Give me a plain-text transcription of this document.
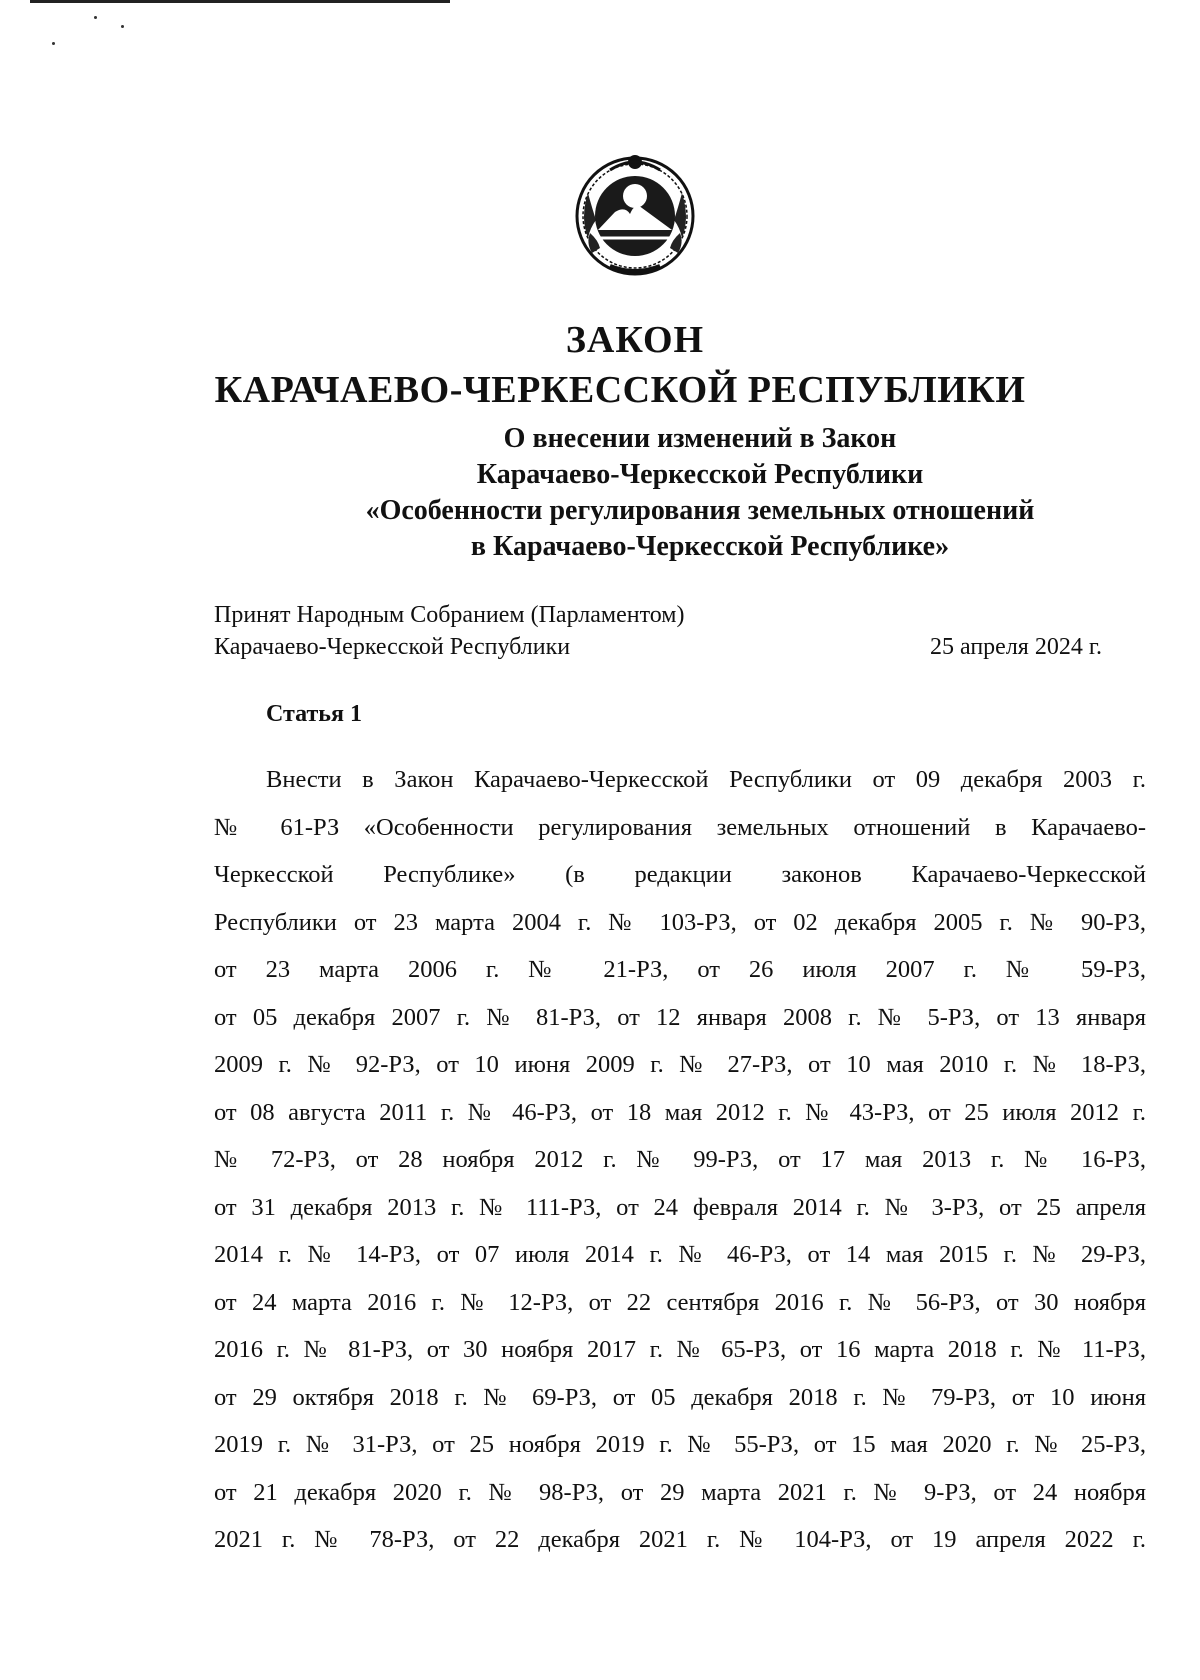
ЗАКОН
КАРАЧАЕВО-ЧЕРКЕССКОЙ РЕСПУБЛИКИ
О внесении изменений в Закон
Карачаево-Черкесской Республики
«Особенности регулирования земельных отношений
в Карачаево-Черкесской Республике»
Принят Народным Собранием (Парламентом)
Карачаево-Черкесской Республики	25 апреля 2024 г.
Статья 1
Внести в Закон Карачаево-Черкесской Республики от 09 декабря 2003 г.
№ 61-РЗ «Особенности регулирования земельных отношений в Карачаево-
Черкесской Республике» (в редакции законов Карачаево-Черкесской
Республики от 23 марта 2004 г. № 103-РЗ, от 02 декабря 2005 г. № 90-РЗ,
от 23 марта 2006 г. № 21-РЗ, от 26 июля 2007 г. № 59-РЗ,
от 05 декабря 2007 г. № 81-РЗ, от 12 января 2008 г. № 5-РЗ, от 13 января
2009 г. № 92-РЗ, от 10 июня 2009 г. № 27-РЗ, от 10 мая 2010 г. № 18-РЗ,
от 08 августа 2011 г. № 46-РЗ, от 18 мая 2012 г. № 43-РЗ, от 25 июля 2012 г.
№ 72-РЗ, от 28 ноября 2012 г. № 99-РЗ, от 17 мая 2013 г. № 16-РЗ,
от 31 декабря 2013 г. № 111-РЗ, от 24 февраля 2014 г. № 3-РЗ, от 25 апреля
2014 г. № 14-РЗ, от 07 июля 2014 г. № 46-РЗ, от 14 мая 2015 г. № 29-РЗ,
от 24 марта 2016 г. № 12-РЗ, от 22 сентября 2016 г. № 56-РЗ, от 30 ноября
2016 г. № 81-РЗ, от 30 ноября 2017 г. № 65-РЗ, от 16 марта 2018 г. № 11-РЗ,
от 29 октября 2018 г. № 69-РЗ, от 05 декабря 2018 г. № 79-РЗ, от 10 июня
2019 г. № 31-РЗ, от 25 ноября 2019 г. № 55-РЗ, от 15 мая 2020 г. № 25-РЗ,
от 21 декабря 2020 г. № 98-РЗ, от 29 марта 2021 г. № 9-РЗ, от 24 ноября
2021 г. № 78-РЗ, от 22 декабря 2021 г. № 104-РЗ, от 19 апреля 2022 г.
